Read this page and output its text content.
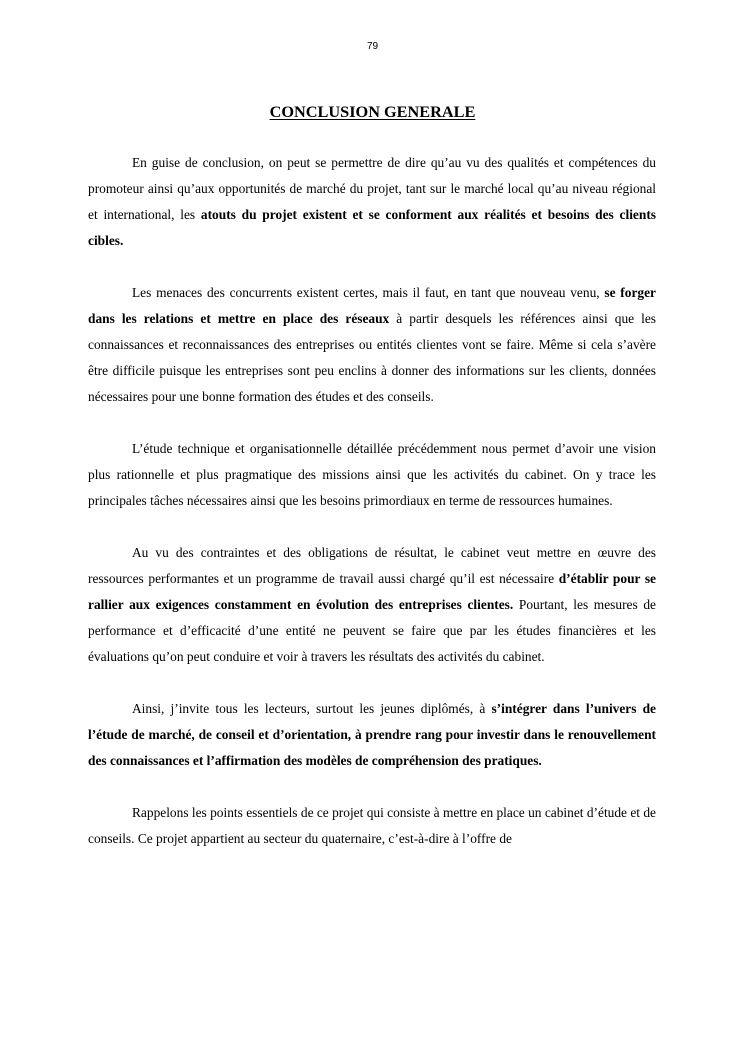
79
CONCLUSION GENERALE

En guise de conclusion, on peut se permettre de dire qu’au vu des qualités et compétences du promoteur ainsi qu’aux opportunités de marché du projet, tant sur le marché local qu’au niveau régional et international, les atouts du projet existent et se conforment aux réalités et besoins des clients cibles.

Les menaces des concurrents existent certes, mais il faut, en tant que nouveau venu, se forger dans les relations et mettre en place des réseaux à partir desquels les références ainsi que les connaissances et reconnaissances des entreprises ou entités clientes vont se faire. Même si cela s’avère être difficile puisque les entreprises sont peu enclins à donner des informations sur les clients, données nécessaires pour une bonne formation des études et des conseils.

L’étude technique et organisationnelle détaillée précédemment nous permet d’avoir une vision plus rationnelle et plus pragmatique des missions ainsi que les activités du cabinet. On y trace les principales tâches nécessaires ainsi que les besoins primordiaux en terme de ressources humaines.

Au vu des contraintes et des obligations de résultat, le cabinet veut mettre en œuvre des ressources performantes et un programme de travail aussi chargé qu’il est nécessaire d’établir pour se rallier aux exigences constamment en évolution des entreprises clientes. Pourtant, les mesures de performance et d’efficacité d’une entité ne peuvent se faire que par les études financières et les évaluations qu’on peut conduire et voir à travers les résultats des activités du cabinet.

Ainsi, j’invite tous les lecteurs, surtout les jeunes diplômés, à s’intégrer dans l’univers de l’étude de marché, de conseil et d’orientation, à prendre rang pour investir dans le renouvellement des connaissances et l’affirmation des modèles de compréhension des pratiques.

Rappelons les points essentiels de ce projet qui consiste à mettre en place un cabinet d’étude et de conseils. Ce projet appartient au secteur du quaternaire, c’est-à-dire à l’offre de
